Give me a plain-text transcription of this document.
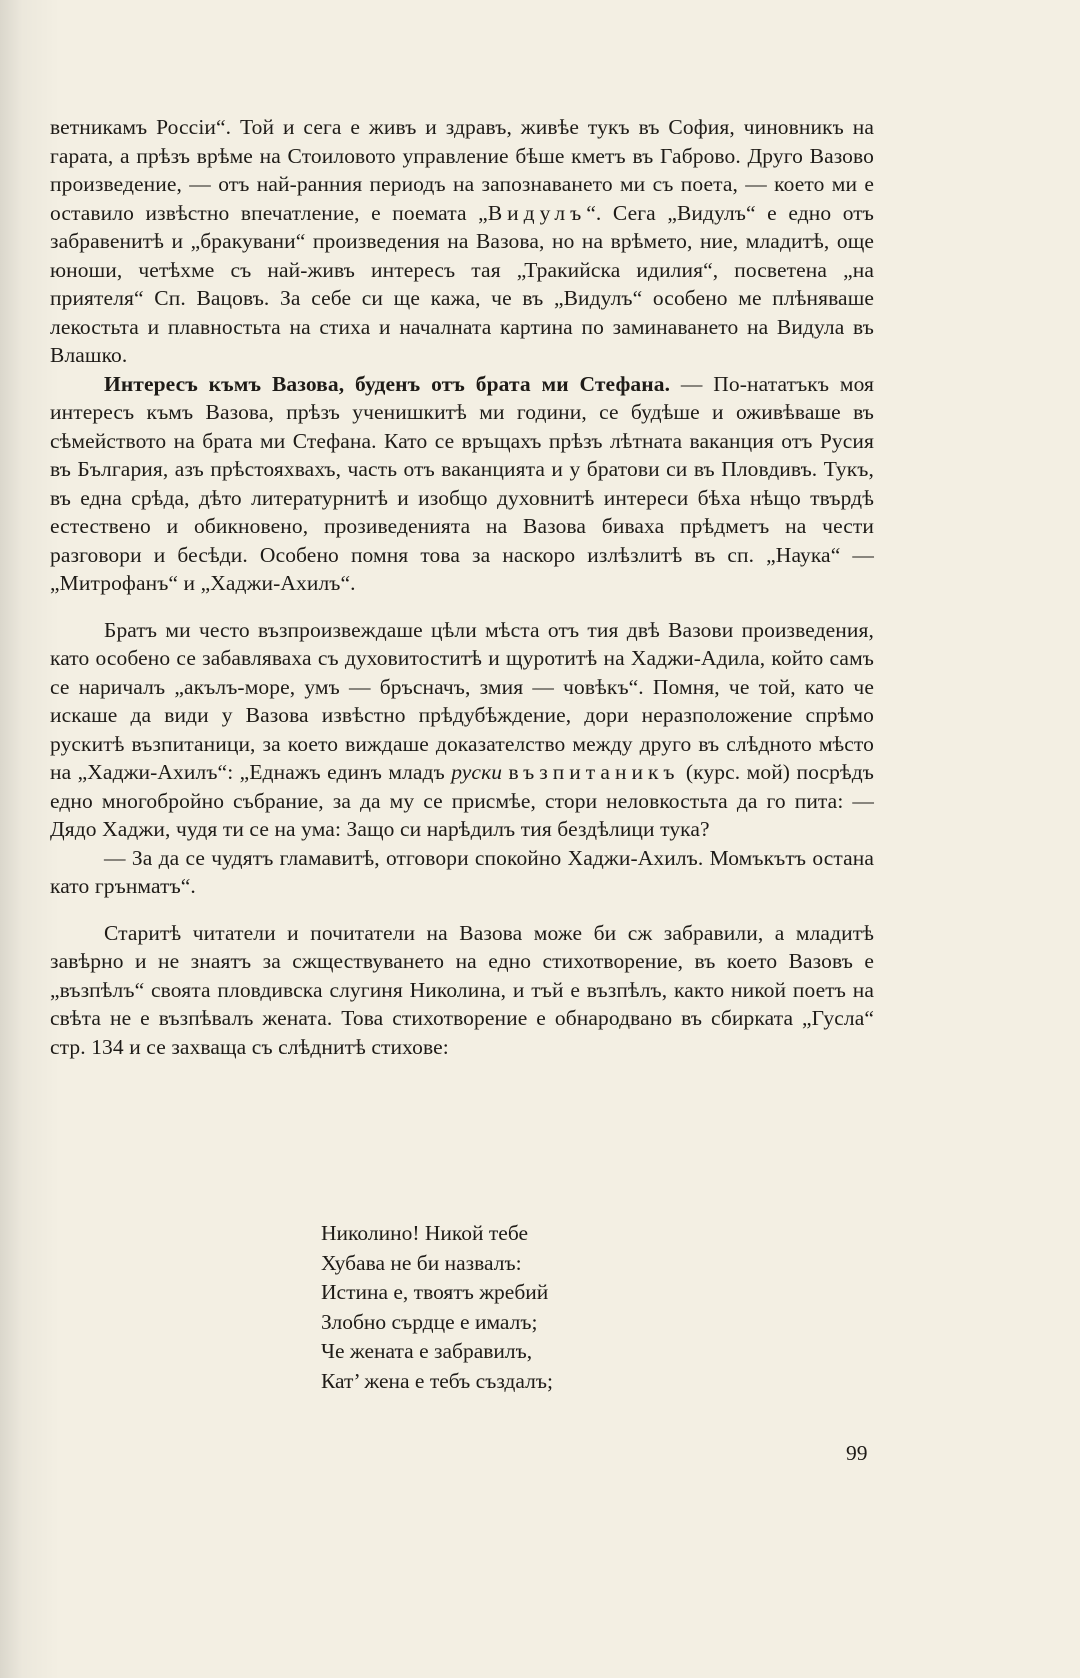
ветникамъ Россіи“. Той и сега е живъ и здравъ, живѣе тукъ въ София, чиновникъ на гарата, а прѣзъ врѣме на Стоиловото управление бѣше кметъ въ Габрово. Друго Вазово произведение, — отъ най-ранния периодъ на запознаването ми съ поета, — което ми е оставило извѣстно впечатление, е поемата „Видулъ“. Сега „Видулъ“ е едно отъ забравенитѣ и „бракувани“ произведения на Вазова, но на врѣмето, ние, младитѣ, още юноши, четѣхме съ най-живъ интересъ тая „Тракийска идилия“, посветена „на приятеля“ Сп. Вацовъ. За себе си ще кажа, че въ „Видулъ“ особено ме плѣняваше лекостьта и плавностьта на стиха и началната картина по заминаването на Видула въ Влашко.

Интересъ къмъ Вазова, буденъ отъ брата ми Стефана. — По-нататъкъ моя интересъ къмъ Вазова, прѣзъ ученишкитѣ ми години, се будѣше и оживѣваше въ сѣмейството на брата ми Стефана. Като се връщахъ прѣзъ лѣтната ваканция отъ Русия въ България, азъ прѣстояхвахъ, часть отъ ваканцията и у братови си въ Пловдивъ. Тукъ, въ една срѣда, дѣто литературнитѣ и изобщо духовнитѣ интереси бѣха нѣщо твърдѣ естествено и обикновено, прозиведенията на Вазова биваха прѣдметъ на чести разговори и бесѣди. Особено помня това за наскоро излѣзлитѣ въ сп. „Наука“ — „Митрофанъ“ и „Хаджи-Ахилъ“.

Братъ ми често възпроизвеждаше цѣли мѣста отъ тия двѣ Вазови произведения, като особено се забавляваха съ духовитоститѣ и щуротитѣ на Хаджи-Адила, който самъ се наричалъ „акълъ-море, умъ — бръсначъ, змия — човѣкъ“. Помня, че той, като че искаше да види у Вазова извѣстно прѣдубѣждение, дори неразположение спрѣмо рускитѣ възпитаници, за което виждаше доказателство между друго въ слѣдното мѣсто на „Хаджи-Ахилъ“: „Еднажъ единъ младъ руски възпитаникъ (курс. мой) посрѣдъ едно многобройно събрание, за да му се присмѣе, стори неловкостьта да го пита: — Дядо Хаджи, чудя ти се на ума: Защо си нарѣдилъ тия бездѣлици тука?

— За да се чудятъ гламавитѣ, отговори спокойно Хаджи-Ахилъ. Момъкътъ остана като грънматъ“.

Старитѣ читатели и почитатели на Вазова може би сж забравили, а младитѣ завѣрно и не знаятъ за сжществуването на едно стихотворение, въ което Вазовъ е „възпѣлъ“ своята пловдивска слугиня Николина, и тъй е възпѣлъ, както никой поетъ на свѣта не е възпѣвалъ жената. Това стихотворение е обнародвано въ сбирката „Гусла“ стр. 134 и се захваща съ слѣднитѣ стихове:

Николино! Никой тебе
Хубава не би назвалъ:
Истина е, твоятъ жребий
Злобно сърдце е ималъ;
Че жената е забравилъ,
Кат’ жена е тебъ създалъ;
99
